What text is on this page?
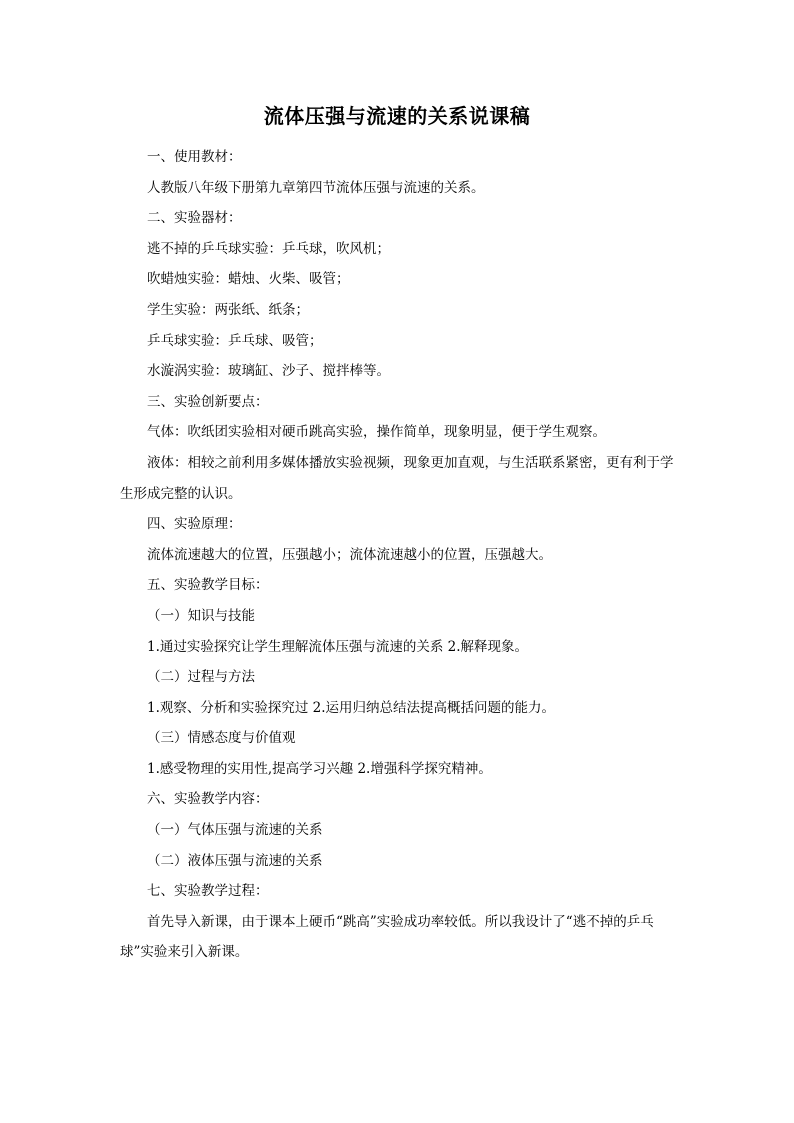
流体压强与流速的关系说课稿

一、使用教材：

人教版八年级下册第九章第四节流体压强与流速的关系。

二、实验器材：

逃不掉的乒乓球实验：乒乓球，吹风机；

吹蜡烛实验：蜡烛、火柴、吸管；

学生实验：两张纸、纸条；

乒乓球实验：乒乓球、吸管；

水漩涡实验：玻璃缸、沙子、搅拌棒等。

三、实验创新要点：

气体：吹纸团实验相对硬币跳高实验，操作简单，现象明显，便于学生观察。

液体：相较之前利用多媒体播放实验视频，现象更加直观，与生活联系紧密，更有利于学生形成完整的认识。

四、实验原理：

流体流速越大的位置，压强越小；流体流速越小的位置，压强越大。

五、实验教学目标：

（一）知识与技能

1.通过实验探究让学生理解流体压强与流速的关系 2.解释现象。

（二）过程与方法

1.观察、分析和实验探究过 2.运用归纳总结法提高概括问题的能力。

（三）情感态度与价值观

1.感受物理的实用性,提高学习兴趣 2.增强科学探究精神。

六、实验教学内容：

（一）气体压强与流速的关系

（二）液体压强与流速的关系

七、实验教学过程：

首先导入新课，由于课本上硬币“跳高”实验成功率较低。所以我设计了“逃不掉的乒乓球”实验来引入新课。
